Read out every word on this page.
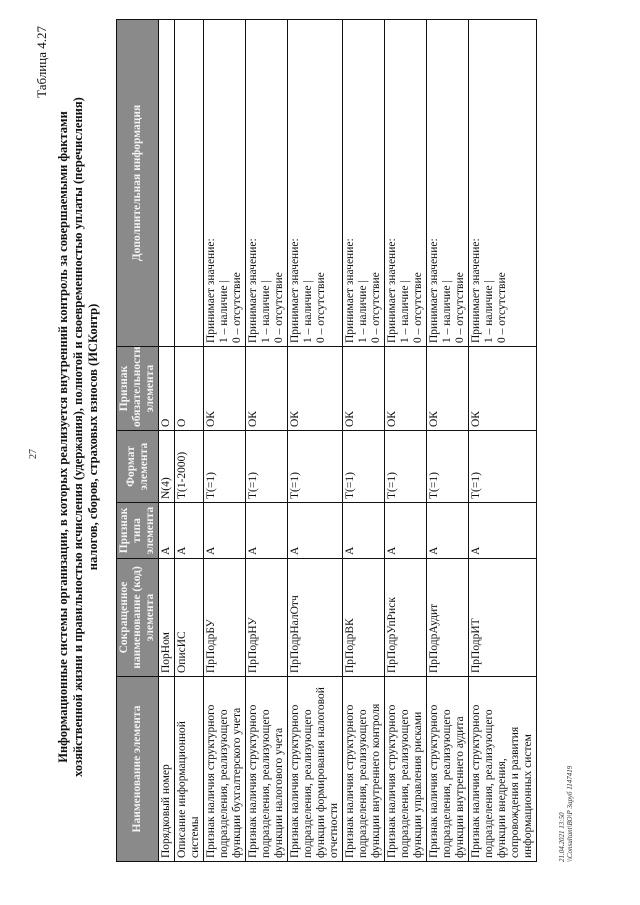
27
Таблица 4.27
Информационные системы организации, в которых реализуется внутренний контроль за совершаемыми фактами хозяйственной жизни и правильностью исчисления (удержания), полнотой и своевременностью уплаты (перечисления) налогов, сборов, страховых взносов (ИСКонтр)
Наименование элемента	Сокращенное наименование (код) элемента	Признак типа элемента	Формат элемента	Признак обязательности элемента	Дополнительная информация
Порядковый номер	ПорНом	А	N(4)	О	
Описание информационной системы	ОписИС	А	T(1-2000)	О	
Признак наличия структурного подразделения, реализующего функции бухгалтерского учета	ПрПодрБУ	А	T(=1)	ОК	Принимает значение: 1 – наличие | 0 – отсутствие

Признак наличия структурного подразделения, реализующего функции налогового учета	ПрПодрНУ	А	T(=1)	ОК	Принимает значение: 1 – наличие | 0 – отсутствие

Признак наличия структурного подразделения, реализующего функции формирования налоговой отчетности	ПрПодрНалОтч	А	T(=1)	ОК	Принимает значение: 1 – наличие | 0 – отсутствие

Признак наличия структурного подразделения, реализующего функции внутреннего контроля	ПрПодрВК	А	T(=1)	ОК	Принимает значение: 1 – наличие | 0 – отсутствие

Признак наличия структурного подразделения, реализующего функции управления рисками	ПрПодрУпРиск	А	T(=1)	ОК	Принимает значение: 1 – наличие | 0 – отсутствие

Признак наличия структурного подразделения, реализующего функции внутреннего аудита	ПрПодрАудит	А	T(=1)	ОК	Принимает значение: 1 – наличие | 0 – отсутствие

Признак наличия структурного подразделения, реализующего функции внедрения, сопровождения и развития информационных систем	ПрПодрИТ	А	T(=1)	ОК	Принимает значение: 1 – наличие | 0 – отсутствие
21.04.2021 13:50 \\Consultant\ВО\Р Заруб 1147419
